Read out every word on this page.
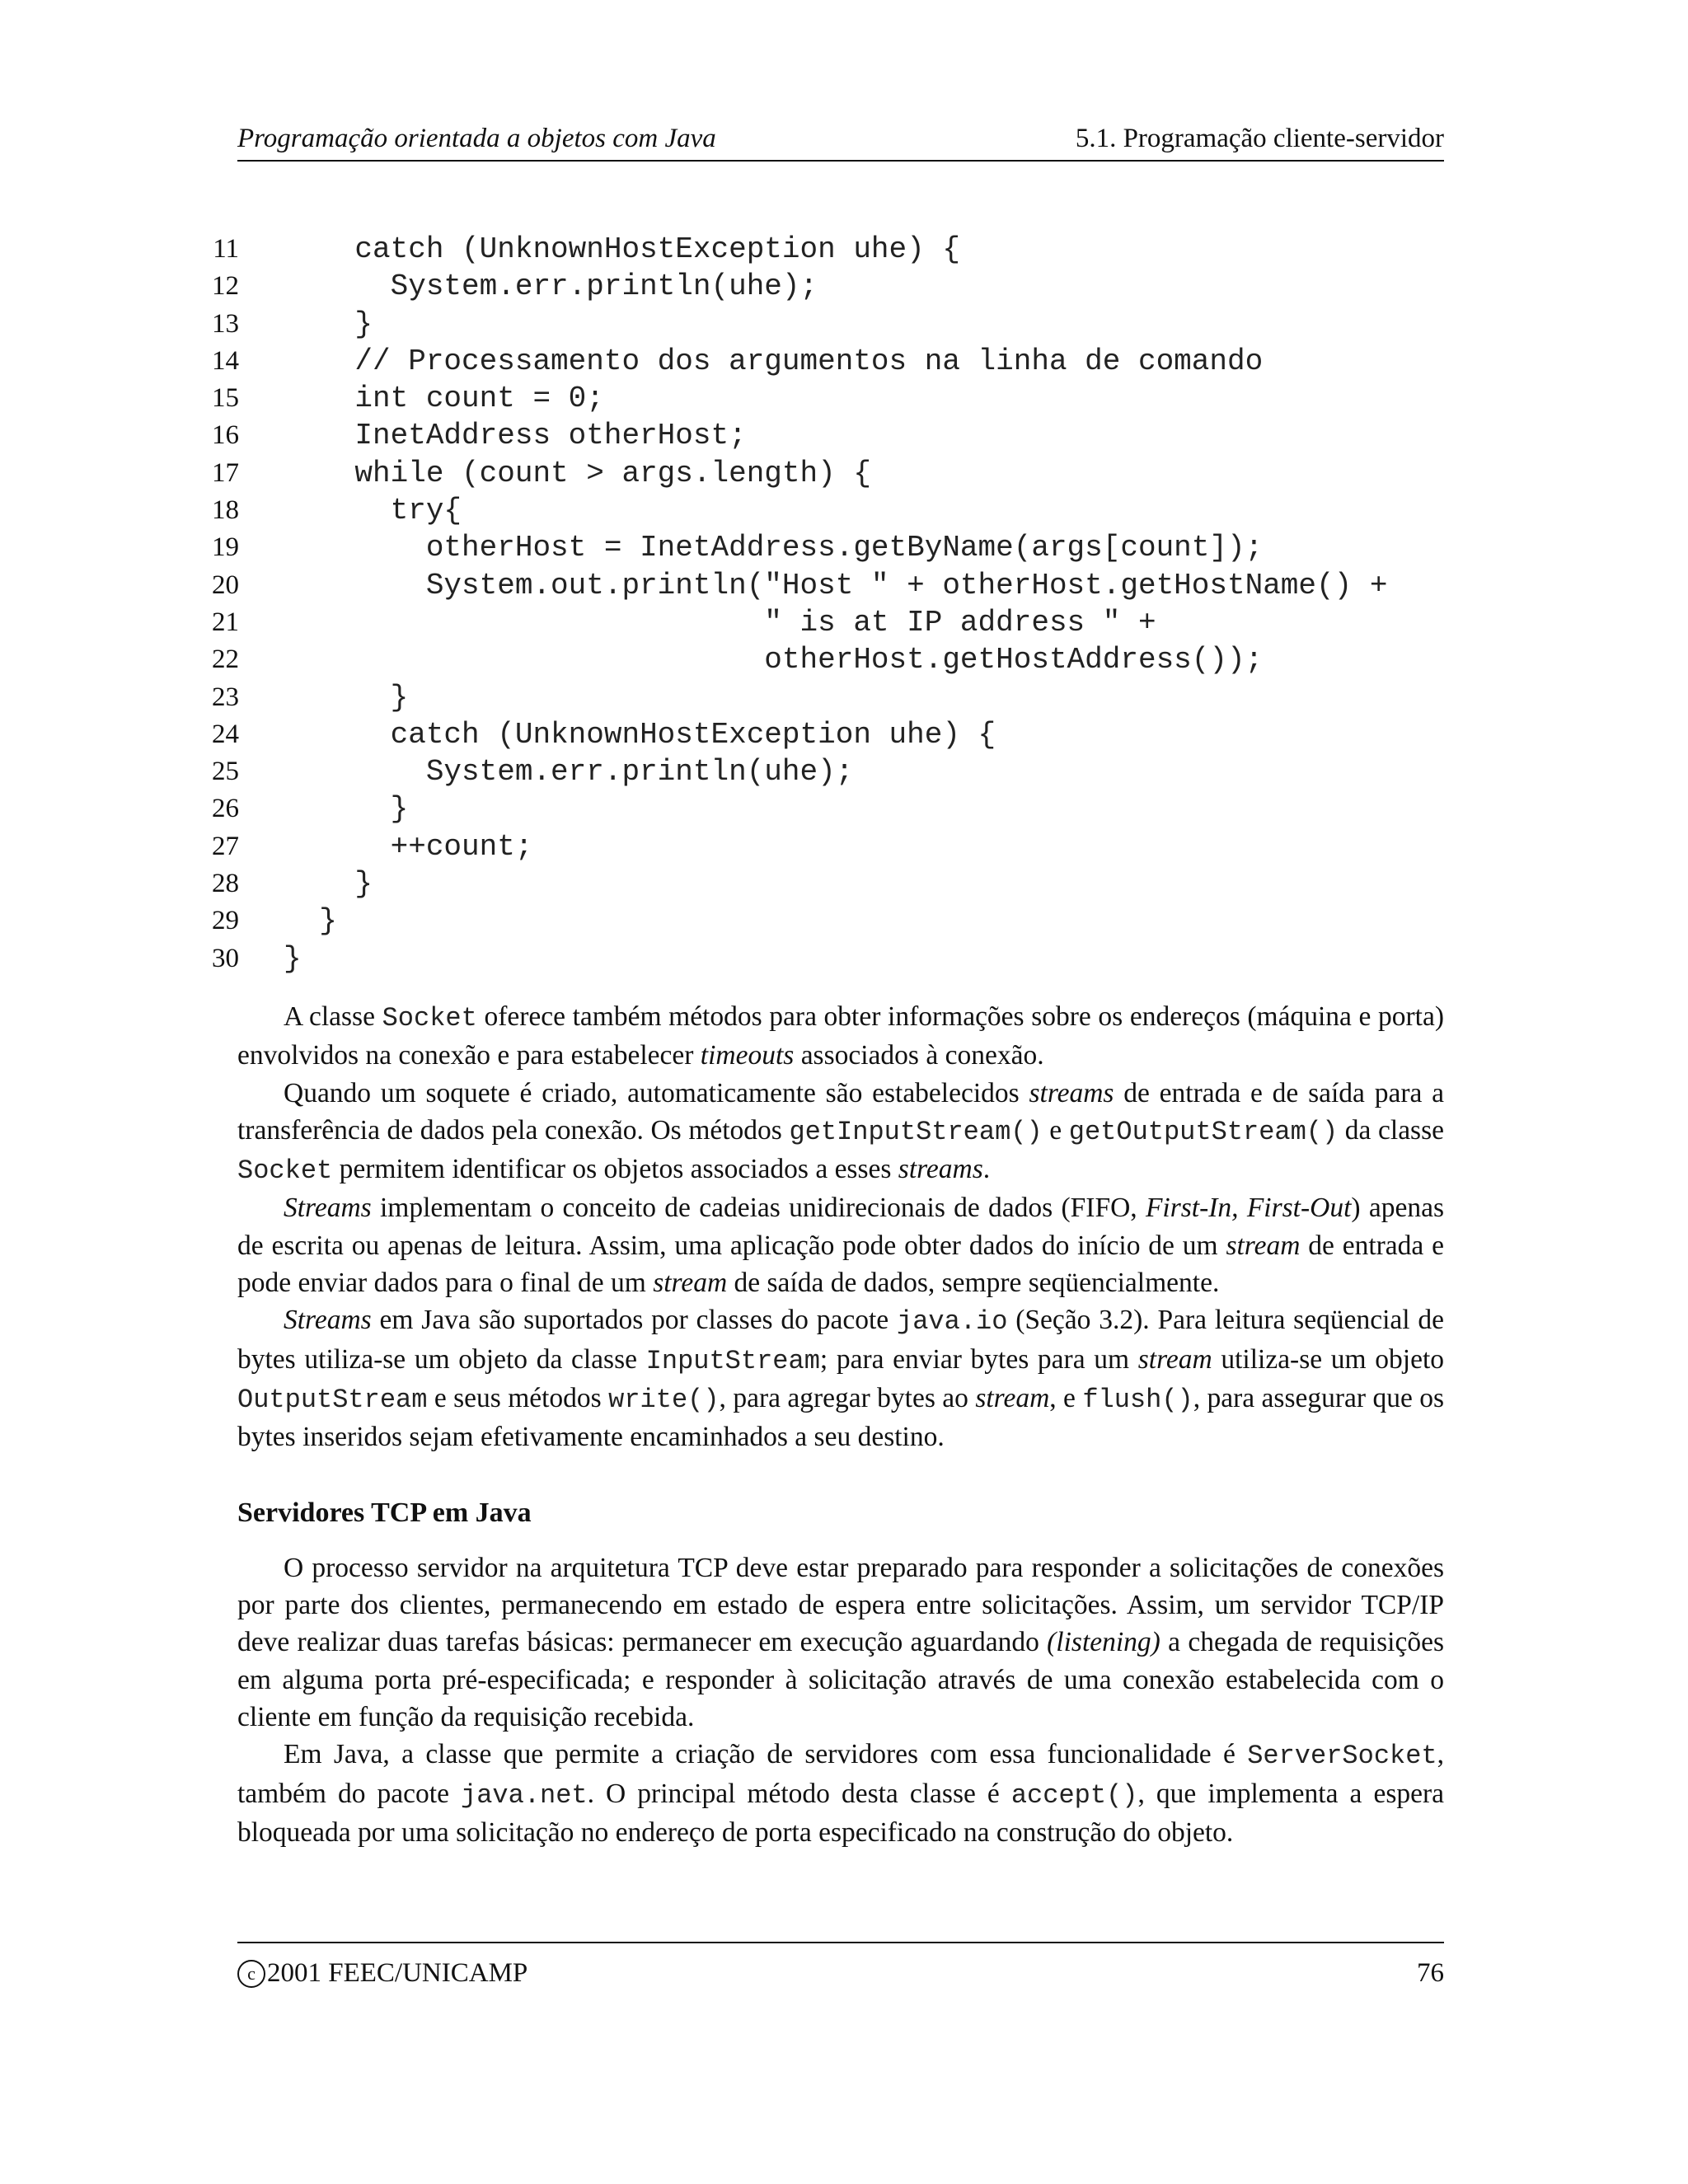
Programação orientada a objetos com Java	5.1. Programação cliente-servidor
11 catch (UnknownHostException uhe) {
12 System.err.println(uhe);
13 }
14 // Processamento dos argumentos na linha de comando
15 int count = 0;
16 InetAddress otherHost;
17 while (count > args.length) {
18 try{
19 otherHost = InetAddress.getByName(args[count]);
20 System.out.println("Host " + otherHost.getHostName() +
21 " is at IP address " +
22 otherHost.getHostAddress());
23 }
24 catch (UnknownHostException uhe) {
25 System.err.println(uhe);
26 }
27 ++count;
28 }
29 }
30 }

A classe Socket oferece também métodos para obter informações sobre os endereços (máquina e porta) envolvidos na conexão e para estabelecer timeouts associados à conexão.

Quando um soquete é criado, automaticamente são estabelecidos streams de entrada e de saída para a transferência de dados pela conexão. Os métodos getInputStream() e getOutputStream() da classe Socket permitem identificar os objetos associados a esses streams.

Streams implementam o conceito de cadeias unidirecionais de dados (FIFO, First-In, First-Out) apenas de escrita ou apenas de leitura. Assim, uma aplicação pode obter dados do início de um stream de entrada e pode enviar dados para o final de um stream de saída de dados, sempre seqüencialmente.

Streams em Java são suportados por classes do pacote java.io (Seção 3.2). Para leitura seqüencial de bytes utiliza-se um objeto da classe InputStream; para enviar bytes para um stream utiliza-se um objeto OutputStream e seus métodos write(), para agregar bytes ao stream, e flush(), para assegurar que os bytes inseridos sejam efetivamente encaminhados a seu destino.

Servidores TCP em Java

O processo servidor na arquitetura TCP deve estar preparado para responder a solicitações de conexões por parte dos clientes, permanecendo em estado de espera entre solicitações. Assim, um servidor TCP/IP deve realizar duas tarefas básicas: permanecer em execução aguardando (listening) a chegada de requisições em alguma porta pré-especificada; e responder à solicitação através de uma conexão estabelecida com o cliente em função da requisição recebida.

Em Java, a classe que permite a criação de servidores com essa funcionalidade é ServerSocket, também do pacote java.net. O principal método desta classe é accept(), que implementa a espera bloqueada por uma solicitação no endereço de porta especificado na construção do objeto.

c 2001 FEEC/UNICAMP	76
